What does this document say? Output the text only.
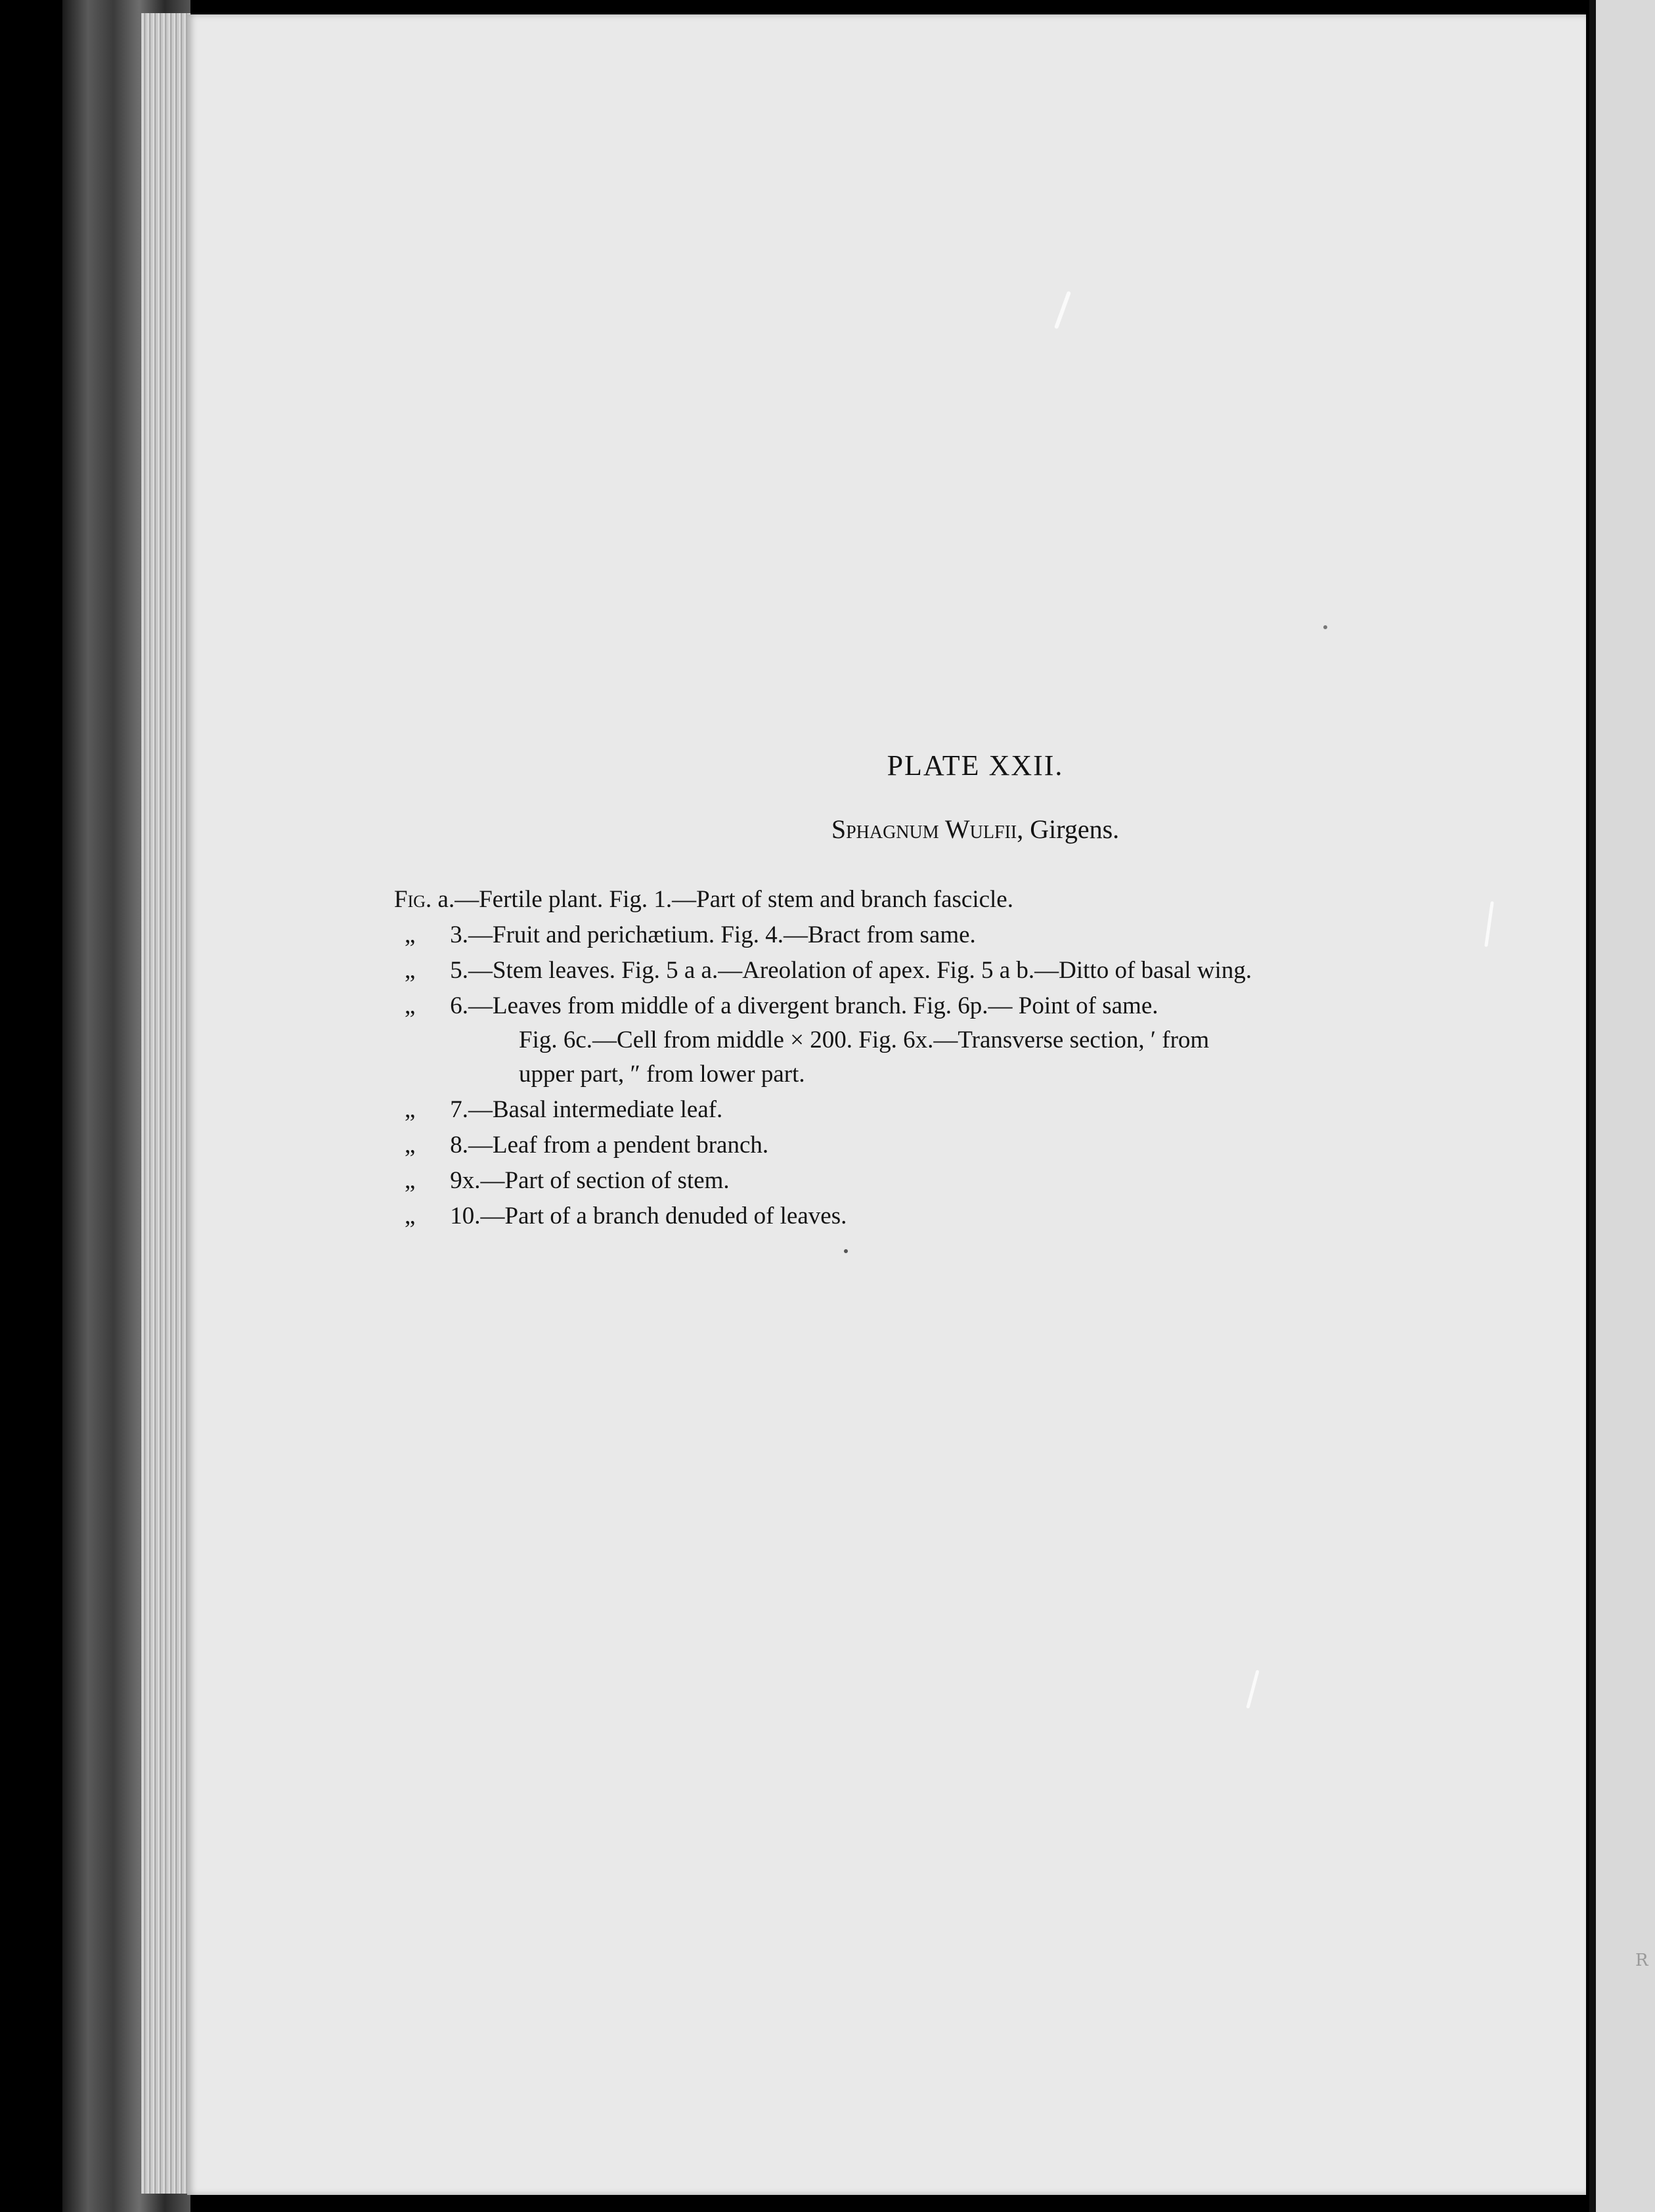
R
PLATE XXII.
Sphagnum Wulfii, Girgens.
Fig. a.—Fertile plant. Fig. 1.—Part of stem and branch fascicle.
„ 3.—Fruit and perichætium. Fig. 4.—Bract from same.
„ 5.—Stem leaves. Fig. 5 a a.—Areolation of apex. Fig. 5 a b.—Ditto of basal wing.
„ 6.—Leaves from middle of a divergent branch. Fig. 6p.— Point of same.
Fig. 6c.—Cell from middle × 200. Fig. 6x.—Transverse section, ′ from
upper part, ″ from lower part.
„ 7.—Basal intermediate leaf.
„ 8.—Leaf from a pendent branch.
„ 9x.—Part of section of stem.
„ 10.—Part of a branch denuded of leaves.
